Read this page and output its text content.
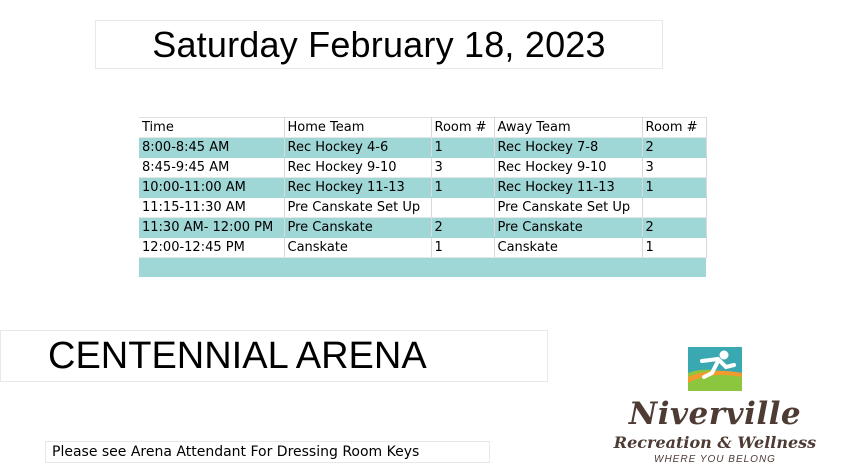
Saturday February 18, 2023
Time	Home Team	Room #	Away Team	Room #
8:00-8:45 AM	Rec Hockey 4-6	1	Rec Hockey 7-8	2
8:45-9:45 AM	Rec Hockey 9-10	3	Rec Hockey 9-10	3
10:00-11:00 AM	Rec Hockey 11-13	1	Rec Hockey 11-13	1
11:15-11:30 AM	Pre Canskate Set Up		Pre Canskate Set Up	
11:30 AM- 12:00 PM	Pre Canskate	2	Pre Canskate	2
12:00-12:45 PM	Canskate	1	Canskate	1

CENTENNIAL ARENA
Please see Arena Attendant For Dressing Room Keys
Niverville
Recreation & Wellness
WHERE YOU BELONG
